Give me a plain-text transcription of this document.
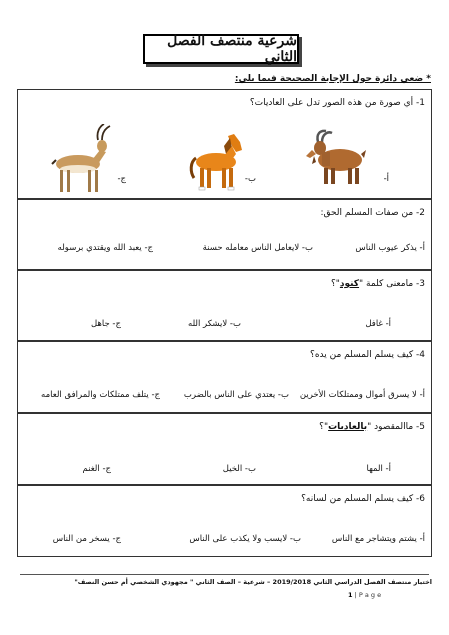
شرعية منتصف الفصل الثاني
* ضعي دائرة حول الإجابة الصحيحة فيما يلي:
1- أي صورة من هذه الصور تدل على العاديات؟
أ-
ب-
ج-
2- من صفات المسلم الحق:
أ- يذكر عيوب الناس
ب- لايعامل الناس معامله حسنة
ج- يعبد الله ويقتدي برسوله
3- مامعنى كلمة "كنود"؟
أ- غافل
ب- لايشكر الله
ج- جاهل
4- كيف يسلم المسلم من يده؟
أ- لا يسرق أموال وممتلكات الأخرين
ب- يعتدي على الناس بالضرب
ج- يتلف ممتلكات والمرافق العامه
5- ماالمقصود "بالعاديات"؟
أ- المها
ب- الخيل
ج- الغنم
6- كيف يسلم المسلم من لسانه؟
أ- يشتم ويتشاجر مع الناس
ب- لايسب ولا يكذب على الناس
ج- يسخر من الناس
اختبار منتصف الفصل الدراسي الثاني 2019/2018 – شرعية – الصف الثاني " مجهودي الشخصي أم حسن النصف"
1 | P a g e
